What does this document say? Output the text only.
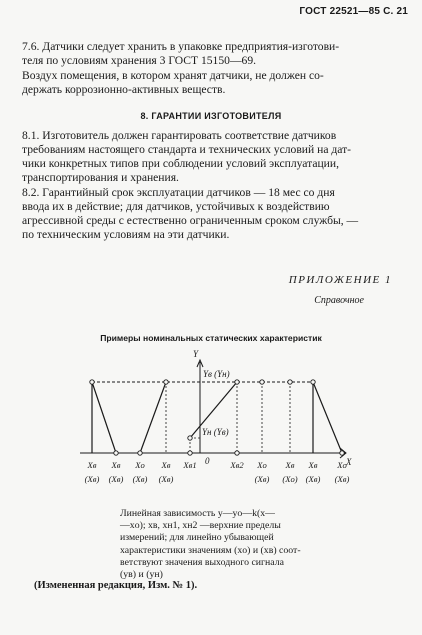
ГОСТ 22521—85 С. 21
7.6. Датчики следует хранить в упаковке предприятия-изготови-
теля по условиям хранения 3 ГОСТ 15150—69.
Воздух помещения, в котором хранят датчики, не должен со-
держать коррозионно-активных веществ.
8. ГАРАНТИИ ИЗГОТОВИТЕЛЯ
8.1. Изготовитель должен гарантировать соответствие датчиков
требованиям настоящего стандарта и технических условий на дат-
чики конкретных типов при соблюдении условий эксплуатации,
транспортирования и хранения.
8.2. Гарантийный срок эксплуатации датчиков — 18 мес со дня
ввода их в действие; для датчиков, устойчивых к воздействию
агрессивной среды с естественно ограниченным сроком службы, —
по техническим условиям на эти датчики.
ПРИЛОЖЕНИЕ 1
Справочное
Примеры номинальных статических характеристик
Y
Yв (Yн)
Yн (Yв)
0	X
Xв
(Xв)
Xв
(Xв)
Xо
(Xв)
Xв
(Xв)
Xв1	Xв2 Xо
(Xв)
Xв
(Xо)
Xв
(Xв)
Xо
(Xв)
Линейная зависимость y—yо—k(x—
—xо); xв, xн1, xн2 —верхние пределы
измерений; для линейно убывающей
характеристики значениям (xо) и (xв) соот-
ветствуют значения выходного сигнала
(yв) и (yн)
(Измененная редакция, Изм. № 1).
